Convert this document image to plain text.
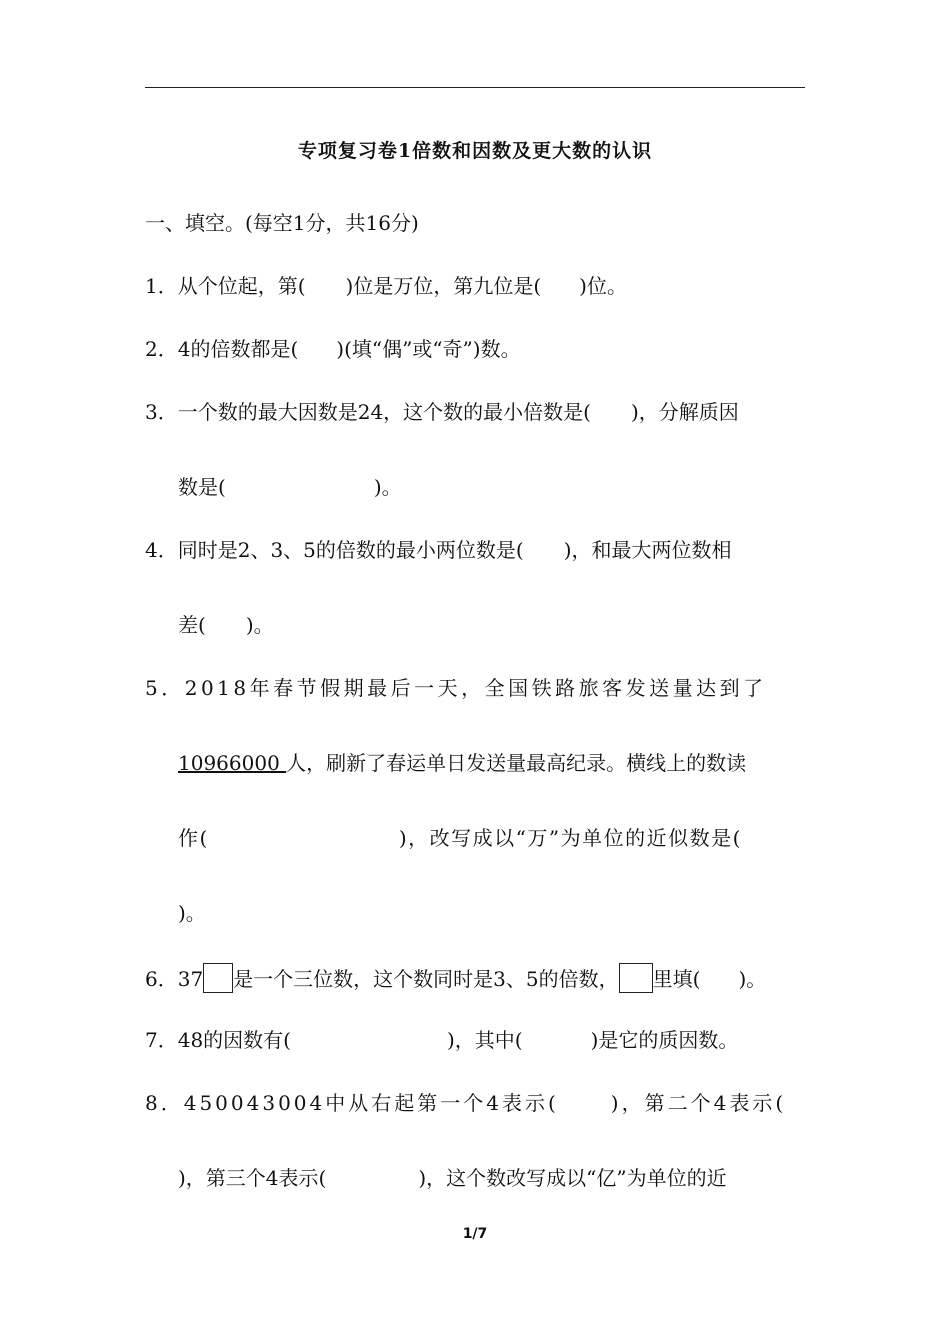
专项复习卷1倍数和因数及更大数的认识
一、填空。(每空1分，共16分)
1．从个位起，第( )位是万位，第九位是( )位。
2．4的倍数都是( )(填“偶”或“奇”)数。
3．一个数的最大因数是24，这个数的最小倍数是( )，分解质因
数是(	)。
4．同时是2、3、5的倍数的最小两位数是( )，和最大两位数相
差( )。
5．2018年春节假期最后一天，全国铁路旅客发送量达到了
10966000 人，刷新了春运单日发送量最高纪录。横线上的数读
作(	)，改写成以“万”为单位的近似数是(
)。
6．37 是一个三位数，这个数同时是3、5的倍数， 里填( )。
7．48的因数有(	)，其中(	)是它的质因数。
8．450043004中从右起第一个4表示(	)，第二个4表示(
)，第三个4表示(	)，这个数改写成以“亿”为单位的近
1/7
